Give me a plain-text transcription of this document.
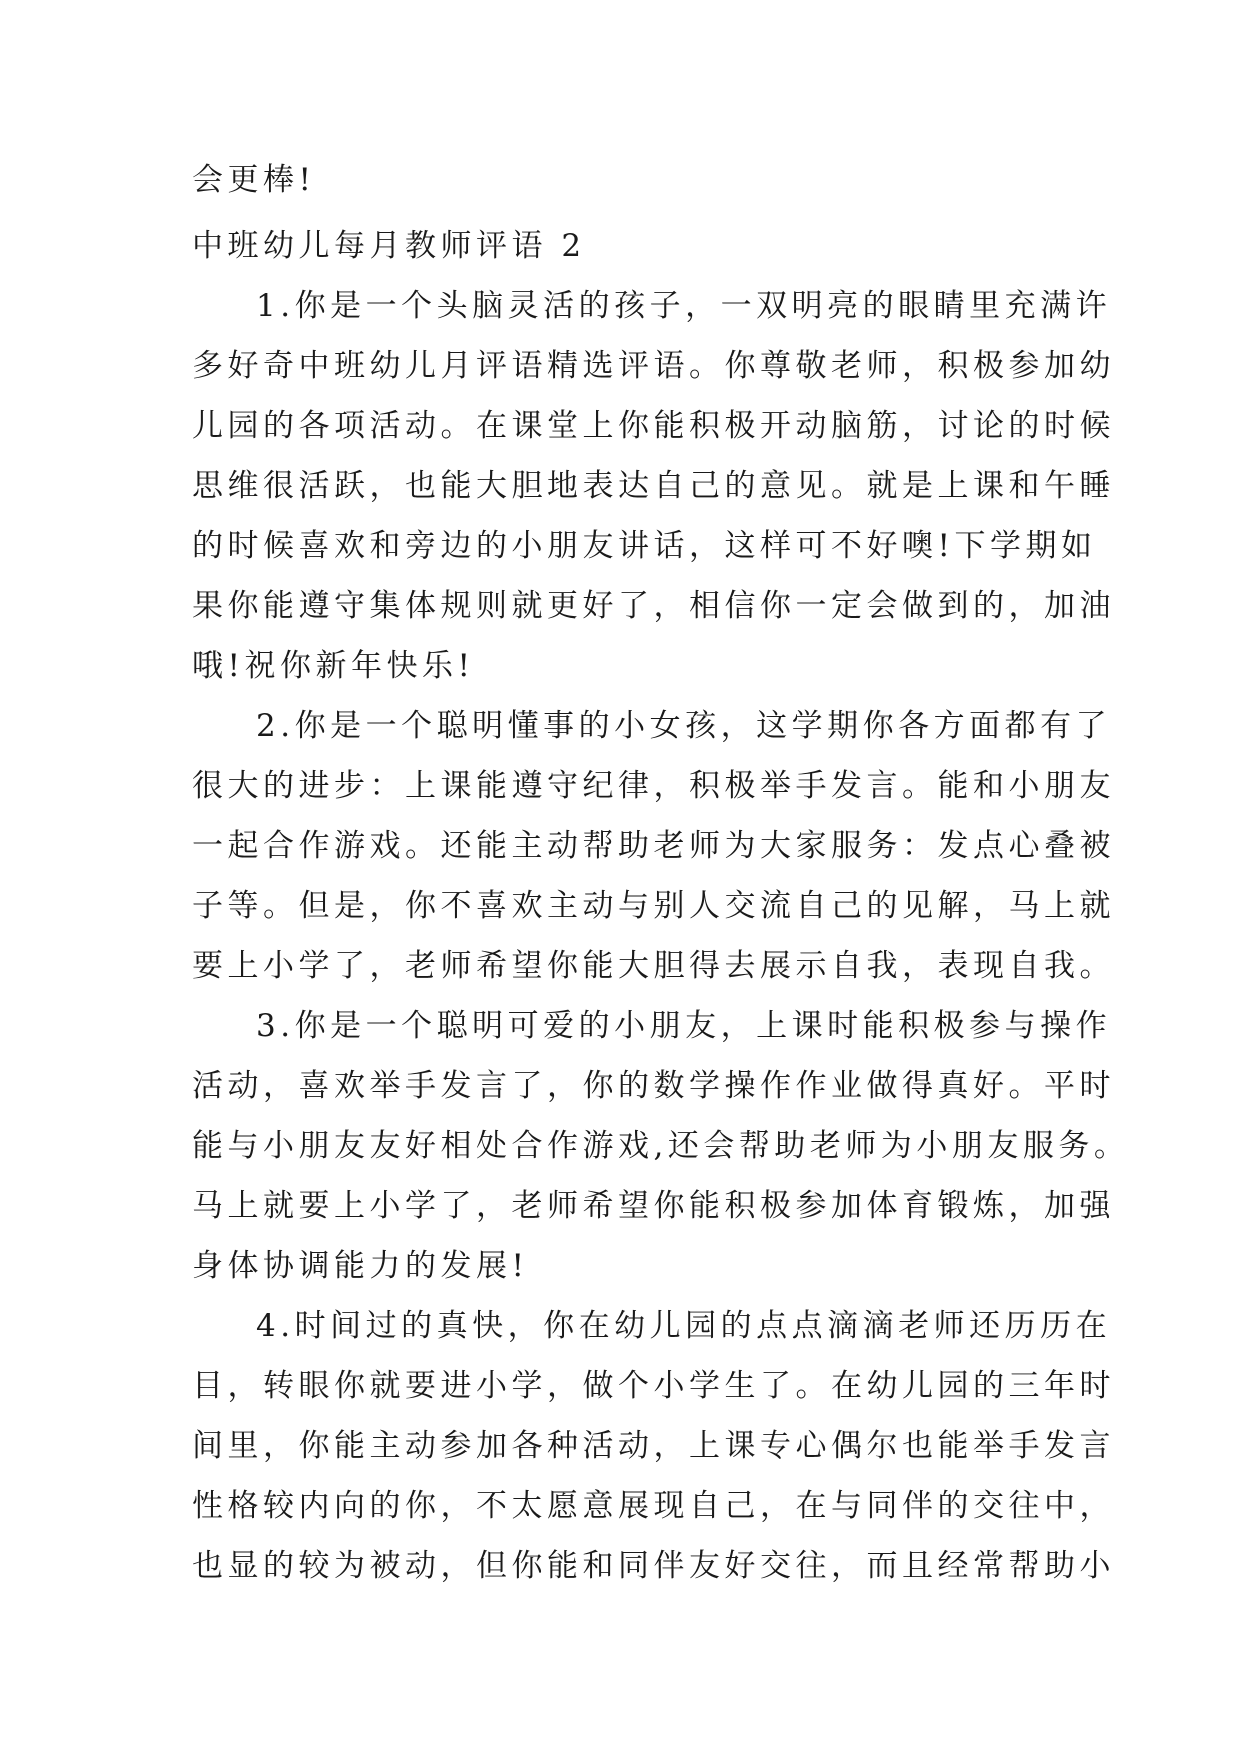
会更棒!
中班幼儿每月教师评语 2
1.你是一个头脑灵活的孩子，一双明亮的眼睛里充满许
多好奇中班幼儿月评语精选评语。你尊敬老师，积极参加幼
儿园的各项活动。在课堂上你能积极开动脑筋，讨论的时候
思维很活跃，也能大胆地表达自己的意见。就是上课和午睡
的时候喜欢和旁边的小朋友讲话，这样可不好噢!下学期如
果你能遵守集体规则就更好了，相信你一定会做到的，加油
哦!祝你新年快乐!
2.你是一个聪明懂事的小女孩，这学期你各方面都有了
很大的进步：上课能遵守纪律，积极举手发言。能和小朋友
一起合作游戏。还能主动帮助老师为大家服务：发点心叠被
子等。但是，你不喜欢主动与别人交流自己的见解，马上就
要上小学了，老师希望你能大胆得去展示自我，表现自我。
3.你是一个聪明可爱的小朋友，上课时能积极参与操作
活动，喜欢举手发言了，你的数学操作作业做得真好。平时
能与小朋友友好相处合作游戏,还会帮助老师为小朋友服务。
马上就要上小学了，老师希望你能积极参加体育锻炼，加强
身体协调能力的发展!
4.时间过的真快，你在幼儿园的点点滴滴老师还历历在
目，转眼你就要进小学，做个小学生了。在幼儿园的三年时
间里，你能主动参加各种活动，上课专心偶尔也能举手发言
性格较内向的你，不太愿意展现自己，在与同伴的交往中，
也显的较为被动，但你能和同伴友好交往，而且经常帮助小
